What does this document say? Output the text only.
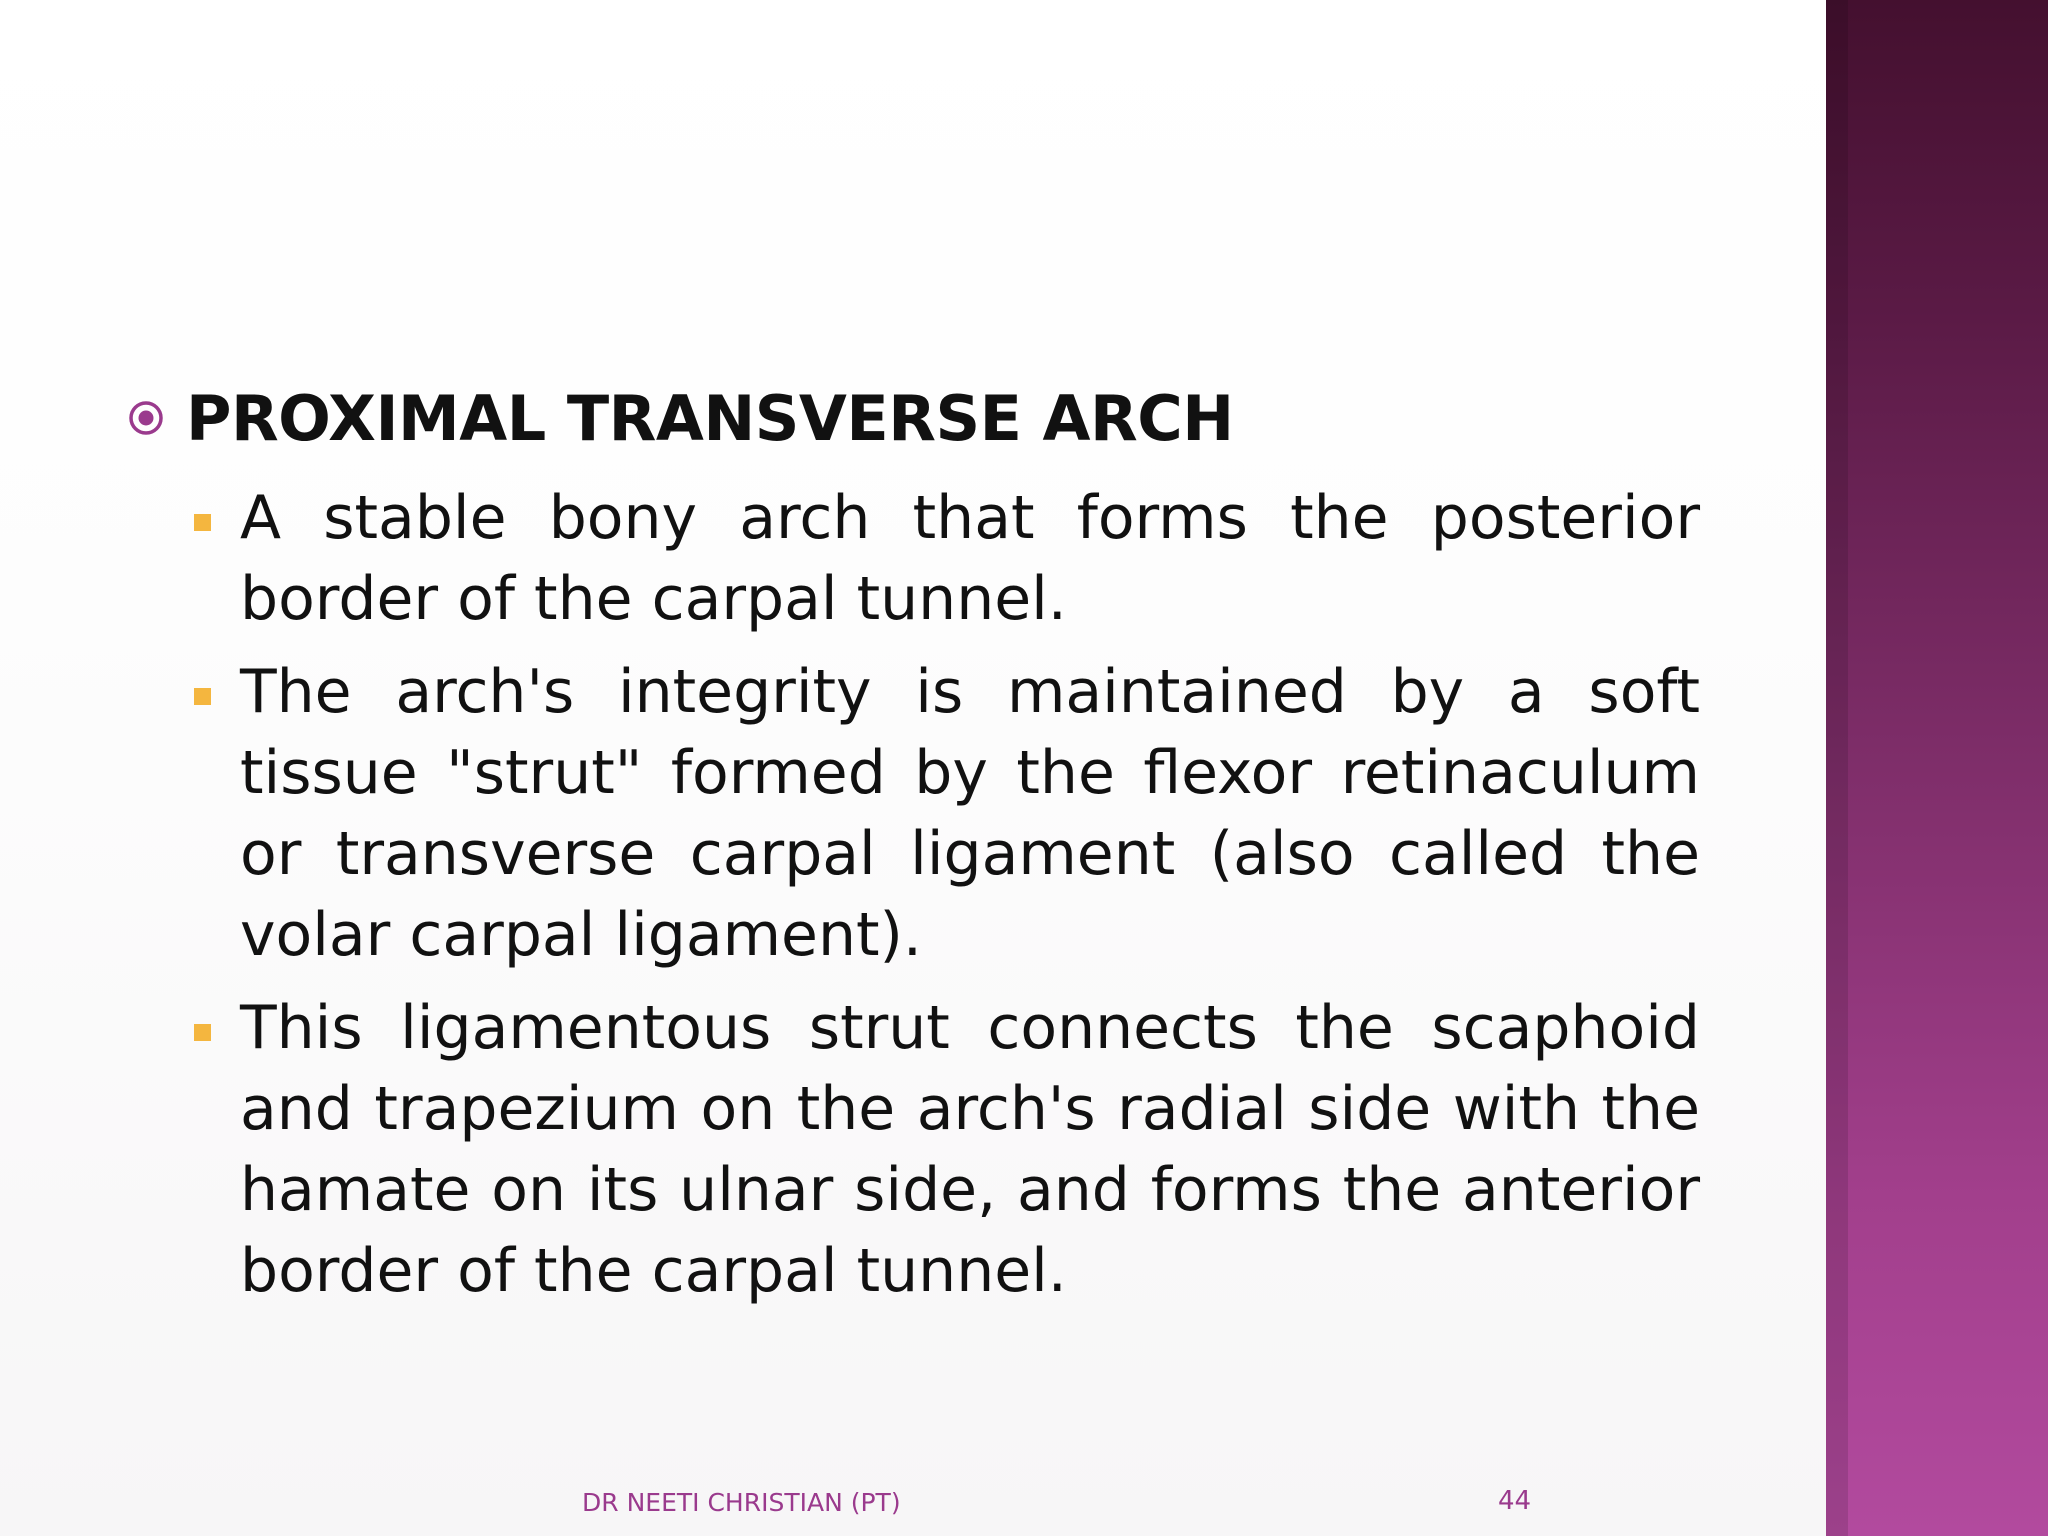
PROXIMAL TRANSVERSE ARCH
A stable bony arch that forms the posterior border of the carpal tunnel.
The arch's integrity is maintained by a soft tissue "strut" formed by the flexor retinaculum or transverse carpal ligament (also called the volar carpal ligament).
This ligamentous strut connects the scaphoid and trapezium on the arch's radial side with the hamate on its ulnar side, and forms the anterior border of the carpal tunnel.
DR NEETI CHRISTIAN (PT)	44
